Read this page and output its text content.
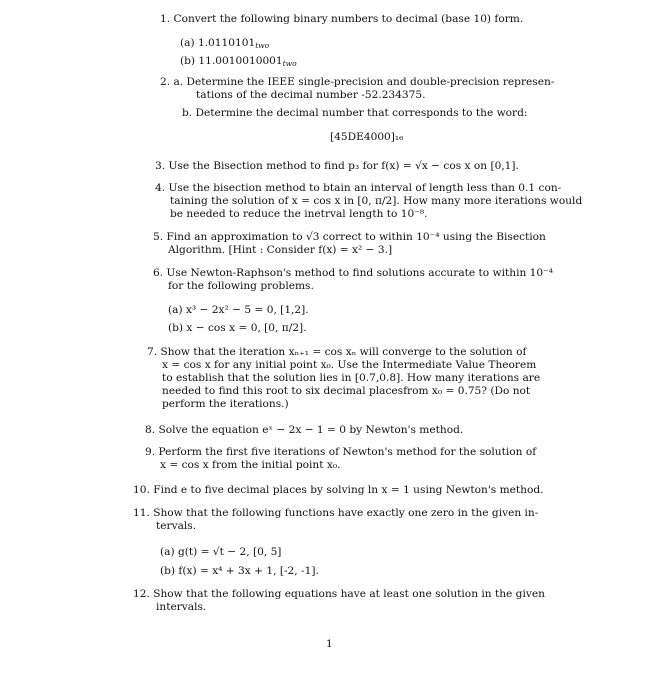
1. Convert the following binary numbers to decimal (base 10) form.
(a) $1.0110101_{two}$
(b) $11.0010010001_{two}$
2. a. Determine the IEEE single-precision and double-precision represen-
tations of the decimal number -52.234375.
b. Determine the decimal number that corresponds to the word:
[45DE4000]₁₆
3. Use the Bisection method to find p₃ for f(x) = √x − cos x on [0,1].
4. Use the bisection method to btain an interval of length less than 0.1 con-
taining the solution of x = cos x in [0, π/2]. How many more iterations would
be needed to reduce the inetrval length to 10⁻⁸.
5. Find an approximation to √3 correct to within 10⁻⁴ using the Bisection
Algorithm. [Hint : Consider f(x) = x² − 3.]
6. Use Newton-Raphson's method to find solutions accurate to within 10⁻⁴
for the following problems.
(a) x³ − 2x² − 5 = 0, [1,2].
(b) x − cos x = 0, [0, π/2].
7. Show that the iteration xₙ₊₁ = cos xₙ will converge to the solution of
x = cos x for any initial point x₀. Use the Intermediate Value Theorem
to establish that the solution lies in [0.7,0.8]. How many iterations are
needed to find this root to six decimal placesfrom x₀ = 0.75? (Do not
perform the iterations.)
8. Solve the equation eˣ − 2x − 1 = 0 by Newton's method.
9. Perform the first five iterations of Newton's method for the solution of
x = cos x from the initial point x₀.
10. Find e to five decimal places by solving ln x = 1 using Newton's method.
11. Show that the following functions have exactly one zero in the given in-
tervals.
(a) g(t) = √t − 2, [0, 5]
(b) f(x) = x⁴ + 3x + 1, [-2, -1].
12. Show that the following equations have at least one solution in the given
intervals.
1
